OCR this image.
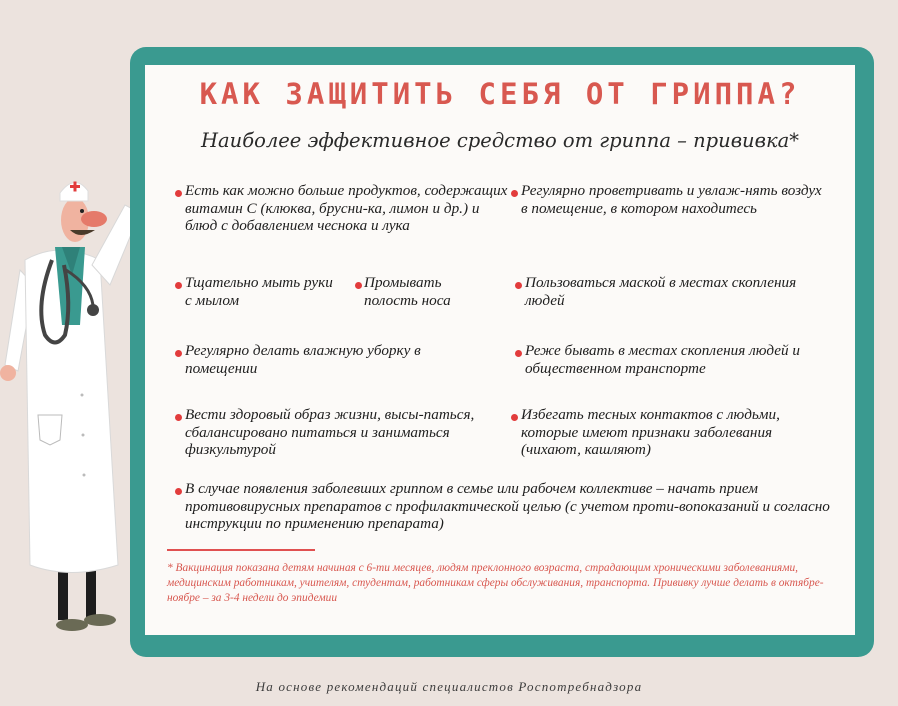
КАК ЗАЩИТИТЬ СЕБЯ ОТ ГРИППА?

Наиболее эффективное средство от гриппа – прививка*

Есть как можно больше продуктов, содержащих витамин С (клюква, брусни-ка, лимон и др.) и блюд с добавлением чеснока и лука

Регулярно проветривать и увлаж-нять воздух в помещение, в котором находитесь

Тщательно мыть руки с мылом

Промывать полость носа

Пользоваться маской в местах скопления людей

Регулярно делать влажную уборку в помещении

Реже бывать в местах скопления людей и общественном транспорте

Вести здоровый образ жизни, высы-паться, сбалансировано питаться и заниматься физкультурой

Избегать тесных контактов с людьми, которые имеют признаки заболевания (чихают, кашляют)

В случае появления заболевших гриппом в семье или рабочем коллективе – начать прием противовирусных препаратов с профилактической целью (с учетом проти-вопоказаний и согласно инструкции по применению препарата)

* Вакцинация показана детям начиная с 6-ти месяцев, людям преклонного возраста, страдающим хроническими заболеваниями, медицинским работникам, учителям, студентам, работникам сферы обслуживания, транспорта. Прививку лучше делать в октябре-ноябре – за 3-4 недели до эпидемии

На основе рекомендаций специалистов Роспотребнадзора
